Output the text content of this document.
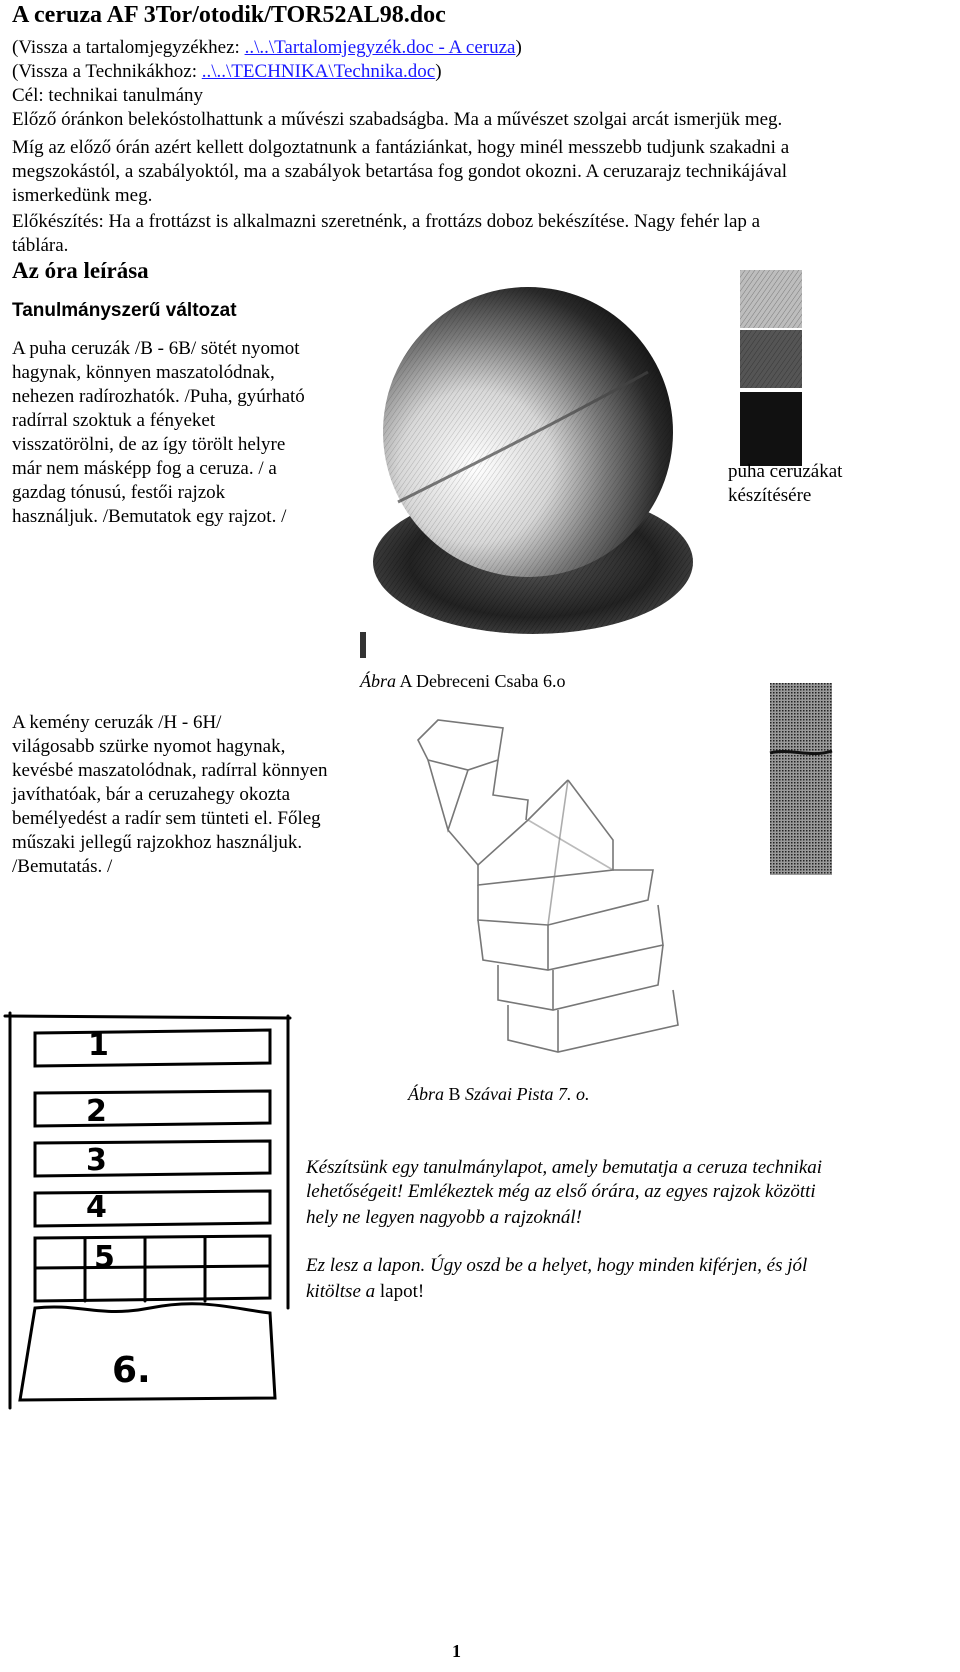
A ceruza AF 3Tor/otodik/TOR52AL98.doc
(Vissza a tartalomjegyzékhez: ..\..\Tartalomjegyzék.doc - A ceruza)
(Vissza a Technikákhoz: ..\..\TECHNIKA\Technika.doc)
Cél: technikai tanulmány
Előző óránkon belekóstolhattunk a művészi szabadságba. Ma a művészet szolgai arcát ismerjük meg.
Míg az előző órán azért kellett dolgoztatnunk a fantáziánkat, hogy minél messzebb tudjunk szakadni a
megszokástól, a szabályoktól, ma a szabályok betartása fog gondot okozni. A ceruzarajz technikájával
ismerkedünk meg.
Előkészítés: Ha a frottázst is alkalmazni szeretnénk, a frottázs doboz bekészítése. Nagy fehér lap a
táblára.
Az óra leírása
Tanulmányszerű változat
A puha ceruzák /B - 6B/ sötét nyomot
hagynak, könnyen maszatolódnak,
nehezen radírozhatók. /Puha, gyúrható
radírral szoktuk a fényeket
visszatörölni, de az így törölt helyre
már nem másképp fog a ceruza. / a
gazdag tónusú, festői rajzok
használjuk. /Bemutatok egy rajzot. /
puha ceruzákat
készítésére
Ábra A Debreceni Csaba 6.o
A kemény ceruzák /H - 6H/
világosabb szürke nyomot hagynak,
kevésbé maszatolódnak, radírral könnyen
javíthatóak, bár a ceruzahegy okozta
bemélyedést a radír sem tünteti el. Főleg
műszaki jellegű rajzokhoz használjuk.
/Bemutatás. /
Ábra B Szávai Pista 7. o.
1
2
3
4
5
6.
Készítsünk egy tanulmánylapot, amely bemutatja a ceruza technikai
lehetőségeit! Emlékeztek még az első órára, az egyes rajzok közötti
hely ne legyen nagyobb a rajzoknál!
Ez lesz a lapon. Úgy oszd be a helyet, hogy minden kiférjen, és jól
kitöltse a lapot!
1
